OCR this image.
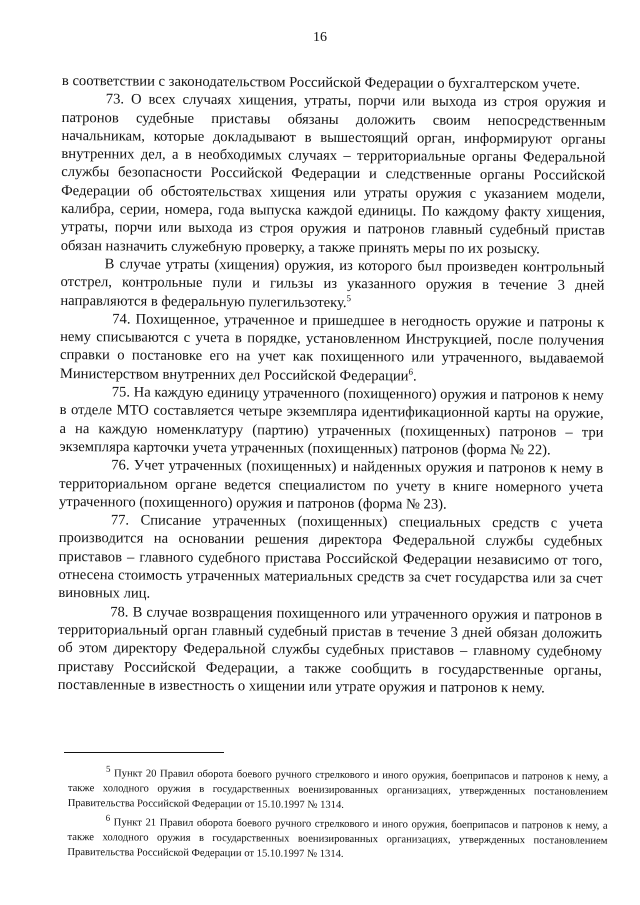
16

в соответствии с законодательством Российской Федерации о бухгалтерском учете.

73. О всех случаях хищения, утраты, порчи или выхода из строя оружия и патронов судебные приставы обязаны доложить своим непосредственным начальникам, которые докладывают в вышестоящий орган, информируют органы внутренних дел, а в необходимых случаях – территориальные органы Федеральной службы безопасности Российской Федерации и следственные органы Российской Федерации об обстоятельствах хищения или утраты оружия с указанием модели, калибра, серии, номера, года выпуска каждой единицы. По каждому факту хищения, утраты, порчи или выхода из строя оружия и патронов главный судебный пристав обязан назначить служебную проверку, а также принять меры по их розыску.

В случае утраты (хищения) оружия, из которого был произведен контрольный отстрел, контрольные пули и гильзы из указанного оружия в течение 3 дней направляются в федеральную пулегильзотеку.$^5$

74. Похищенное, утраченное и пришедшее в негодность оружие и патроны к нему списываются с учета в порядке, установленном Инструкцией, после получения справки о постановке его на учет как похищенного или утраченного, выдаваемой Министерством внутренних дел Российской Федерации$^6$.

75. На каждую единицу утраченного (похищенного) оружия и патронов к нему в отделе МТО составляется четыре экземпляра идентификационной карты на оружие, а на каждую номенклатуру (партию) утраченных (похищенных) патронов – три экземпляра карточки учета утраченных (похищенных) патронов (форма № 22).

76. Учет утраченных (похищенных) и найденных оружия и патронов к нему в территориальном органе ведется специалистом по учету в книге номерного учета утраченного (похищенного) оружия и патронов (форма № 23).

77. Списание утраченных (похищенных) специальных средств с учета производится на основании решения директора Федеральной службы судебных приставов – главного судебного пристава Российской Федерации независимо от того, отнесена стоимость утраченных материальных средств за счет государства или за счет виновных лиц.

78. В случае возвращения похищенного или утраченного оружия и патронов в территориальный орган главный судебный пристав в течение 3 дней обязан доложить об этом директору Федеральной службы судебных приставов – главному судебному приставу Российской Федерации, а также сообщить в государственные органы, поставленные в известность о хищении или утрате оружия и патронов к нему.

$^5$ Пункт 20 Правил оборота боевого ручного стрелкового и иного оружия, боеприпасов и патронов к нему, а также холодного оружия в государственных военизированных организациях, утвержденных постановлением Правительства Российской Федерации от 15.10.1997 № 1314.

$^6$ Пункт 21 Правил оборота боевого ручного стрелкового и иного оружия, боеприпасов и патронов к нему, а также холодного оружия в государственных военизированных организациях, утвержденных постановлением Правительства Российской Федерации от 15.10.1997 № 1314.
